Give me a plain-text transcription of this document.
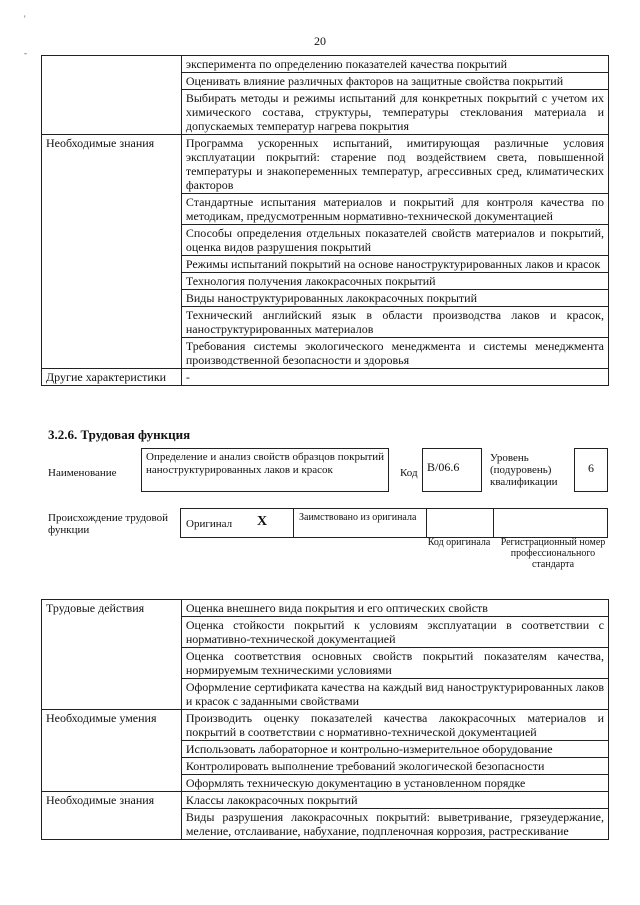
'
-
20
	эксперимента по определению показателей качества покрытий
	Оценивать влияние различных факторов на защитные свойства покрытий
	Выбирать методы и режимы испытаний для конкретных покрытий с учетом их химического состава, структуры, температуры стеклования материала и допускаемых температур нагрева покрытия
Необходимые знания	Программа ускоренных испытаний, имитирующая различные условия эксплуатации покрытий: старение под воздействием света, повышенной температуры и знакопеременных температур, агрессивных сред, климатических факторов
	Стандартные испытания материалов и покрытий для контроля качества по методикам, предусмотренным нормативно-технической документацией
	Способы определения отдельных показателей свойств материалов и покрытий, оценка видов разрушения покрытий
	Режимы испытаний покрытий на основе наноструктурированных лаков и красок
	Технология получения лакокрасочных покрытий
	Виды наноструктурированных лакокрасочных покрытий
	Технический английский язык в области производства лаков и красок, наноструктурированных материалов
	Требования системы экологического менеджмента и системы менеджмента производственной безопасности и здоровья
Другие характеристики	-
3.2.6. Трудовая функция
Наименование
Определение и анализ свойств образцов покрытий наноструктурированных лаков и красок	Код B/06.6
Уровень (подуровень) квалификации
6
Происхождение трудовой функции	Оригинал X	Заимствовано из оригинала
Код оригинала	Регистрационный номер профессионального стандарта
Трудовые действия	Оценка внешнего вида покрытия и его оптических свойств
	Оценка стойкости покрытий к условиям эксплуатации в соответствии с нормативно-технической документацией
	Оценка соответствия основных свойств покрытий показателям качества, нормируемым техническими условиями
	Оформление сертификата качества на каждый вид наноструктурированных лаков и красок с заданными свойствами
Необходимые умения	Производить оценку показателей качества лакокрасочных материалов и покрытий в соответствии с нормативно-технической документацией
	Использовать лабораторное и контрольно-измерительное оборудование
	Контролировать выполнение требований экологической безопасности
	Оформлять техническую документацию в установленном порядке
Необходимые знания	Классы лакокрасочных покрытий
	Виды разрушения лакокрасочных покрытий: выветривание, грязеудержание, меление, отслаивание, набухание, подпленочная коррозия, растрескивание
